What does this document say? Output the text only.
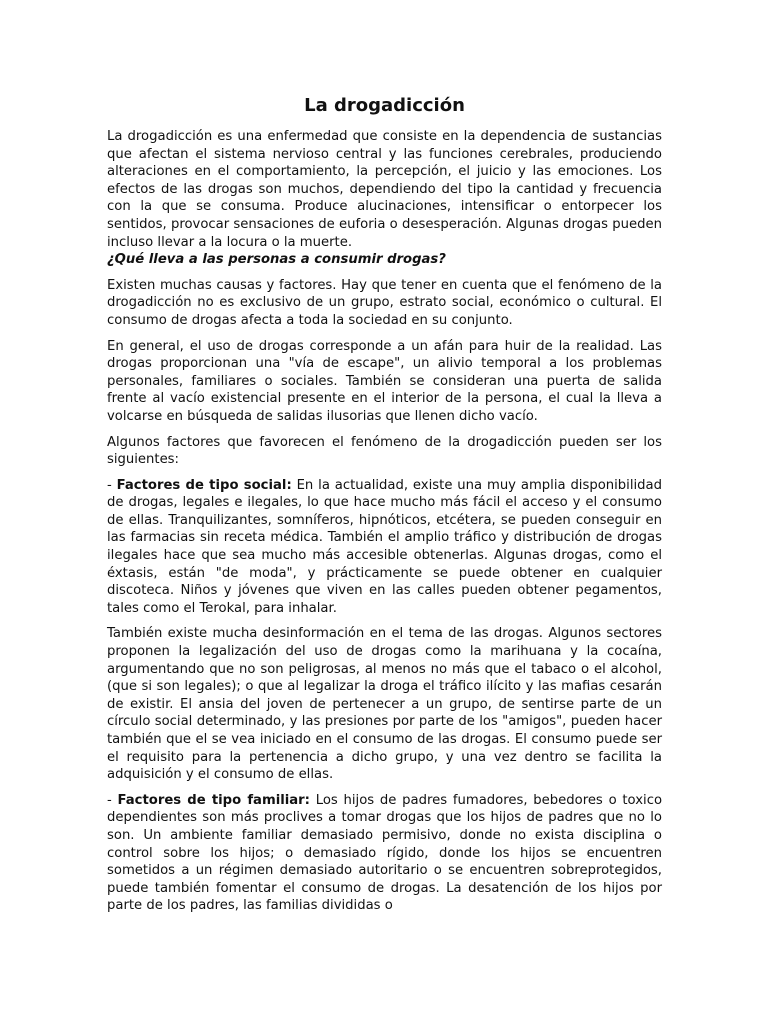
La drogadicción

La drogadicción es una enfermedad que consiste en la dependencia de sustancias que afectan el sistema nervioso central y las funciones cerebrales, produciendo alteraciones en el comportamiento, la percepción, el juicio y las emociones. Los efectos de las drogas son muchos, dependiendo del tipo la cantidad y frecuencia con la que se consuma. Produce alucinaciones, intensificar o entorpecer los sentidos, provocar sensaciones de euforia o desesperación. Algunas drogas pueden incluso llevar a la locura o la muerte.

¿Qué lleva a las personas a consumir drogas?

Existen muchas causas y factores. Hay que tener en cuenta que el fenómeno de la drogadicción no es exclusivo de un grupo, estrato social, económico o cultural. El consumo de drogas afecta a toda la sociedad en su conjunto.

En general, el uso de drogas corresponde a un afán para huir de la realidad. Las drogas proporcionan una "vía de escape", un alivio temporal a los problemas personales, familiares o sociales. También se consideran una puerta de salida frente al vacío existencial presente en el interior de la persona, el cual la lleva a volcarse en búsqueda de salidas ilusorias que llenen dicho vacío.

Algunos factores que favorecen el fenómeno de la drogadicción pueden ser los siguientes:

- Factores de tipo social: En la actualidad, existe una muy amplia disponibilidad de drogas, legales e ilegales, lo que hace mucho más fácil el acceso y el consumo de ellas. Tranquilizantes, somníferos, hipnóticos, etcétera, se pueden conseguir en las farmacias sin receta médica. También el amplio tráfico y distribución de drogas ilegales hace que sea mucho más accesible obtenerlas. Algunas drogas, como el éxtasis, están "de moda", y prácticamente se puede obtener en cualquier discoteca. Niños y jóvenes que viven en las calles pueden obtener pegamentos, tales como el Terokal, para inhalar.

También existe mucha desinformación en el tema de las drogas. Algunos sectores proponen la legalización del uso de drogas como la marihuana y la cocaína, argumentando que no son peligrosas, al menos no más que el tabaco o el alcohol, (que si son legales); o que al legalizar la droga el tráfico ilícito y las mafias cesarán de existir. El ansia del joven de pertenecer a un grupo, de sentirse parte de un círculo social determinado, y las presiones por parte de los "amigos", pueden hacer también que el se vea iniciado en el consumo de las drogas. El consumo puede ser el requisito para la pertenencia a dicho grupo, y una vez dentro se facilita la adquisición y el consumo de ellas.

- Factores de tipo familiar: Los hijos de padres fumadores, bebedores o toxico dependientes son más proclives a tomar drogas que los hijos de padres que no lo son. Un ambiente familiar demasiado permisivo, donde no exista disciplina o control sobre los hijos; o demasiado rígido, donde los hijos se encuentren sometidos a un régimen demasiado autoritario o se encuentren sobreprotegidos, puede también fomentar el consumo de drogas. La desatención de los hijos por parte de los padres, las familias divididas o
